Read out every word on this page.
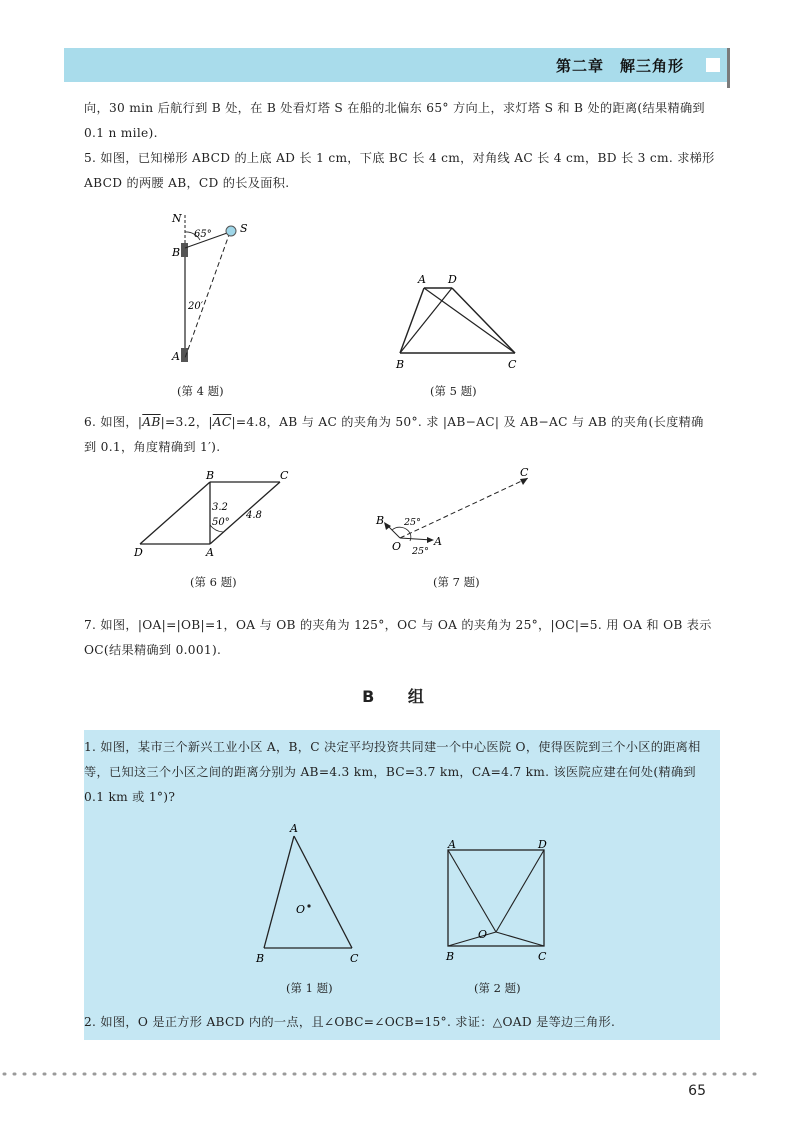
第二章　解三角形
向，30 min 后航行到 B 处，在 B 处看灯塔 S 在船的北偏东 65° 方向上，求灯塔 S 和 B 处的距离(结果精确到 0.1 n mile).
5. 如图，已知梯形 ABCD 的上底 AD 长 1 cm，下底 BC 长 4 cm，对角线 AC 长 4 cm，BD 长 3 cm. 求梯形 ABCD 的两腰 AB，CD 的长及面积.
N
65°	S
B
20′
A
(第 4 题)
A D
B	C
(第 5 题)
6. 如图，$|\overline{AB}|=3.2$，$|\overline{AC}|=4.8$，AB 与 AC 的夹角为 50°. 求 |AB−AC| 及 AB−AC 与 AB 的夹角(长度精确到 0.1，角度精确到 1′).
B	C
D	A
3.2
4.8
50°
(第 6 题)
C
B 25°
O 25°
A
(第 7 题)
7. 如图，|OA|=|OB|=1，OA 与 OB 的夹角为 125°，OC 与 OA 的夹角为 25°，|OC|=5. 用 OA 和 OB 表示 OC(结果精确到 0.001).
B 组
1. 如图，某市三个新兴工业小区 A，B，C 决定平均投资共同建一个中心医院 O，使得医院到三个小区的距离相等，已知这三个小区之间的距离分别为 AB=4.3 km，BC=3.7 km，CA=4.7 km. 该医院应建在何处(精确到 0.1 km 或 1°)?
A
O
B	C
(第 1 题)
A	D
O
B	C
(第 2 题)
2. 如图，O 是正方形 ABCD 内的一点，且∠OBC=∠OCB=15°. 求证：△OAD 是等边三角形.
65
